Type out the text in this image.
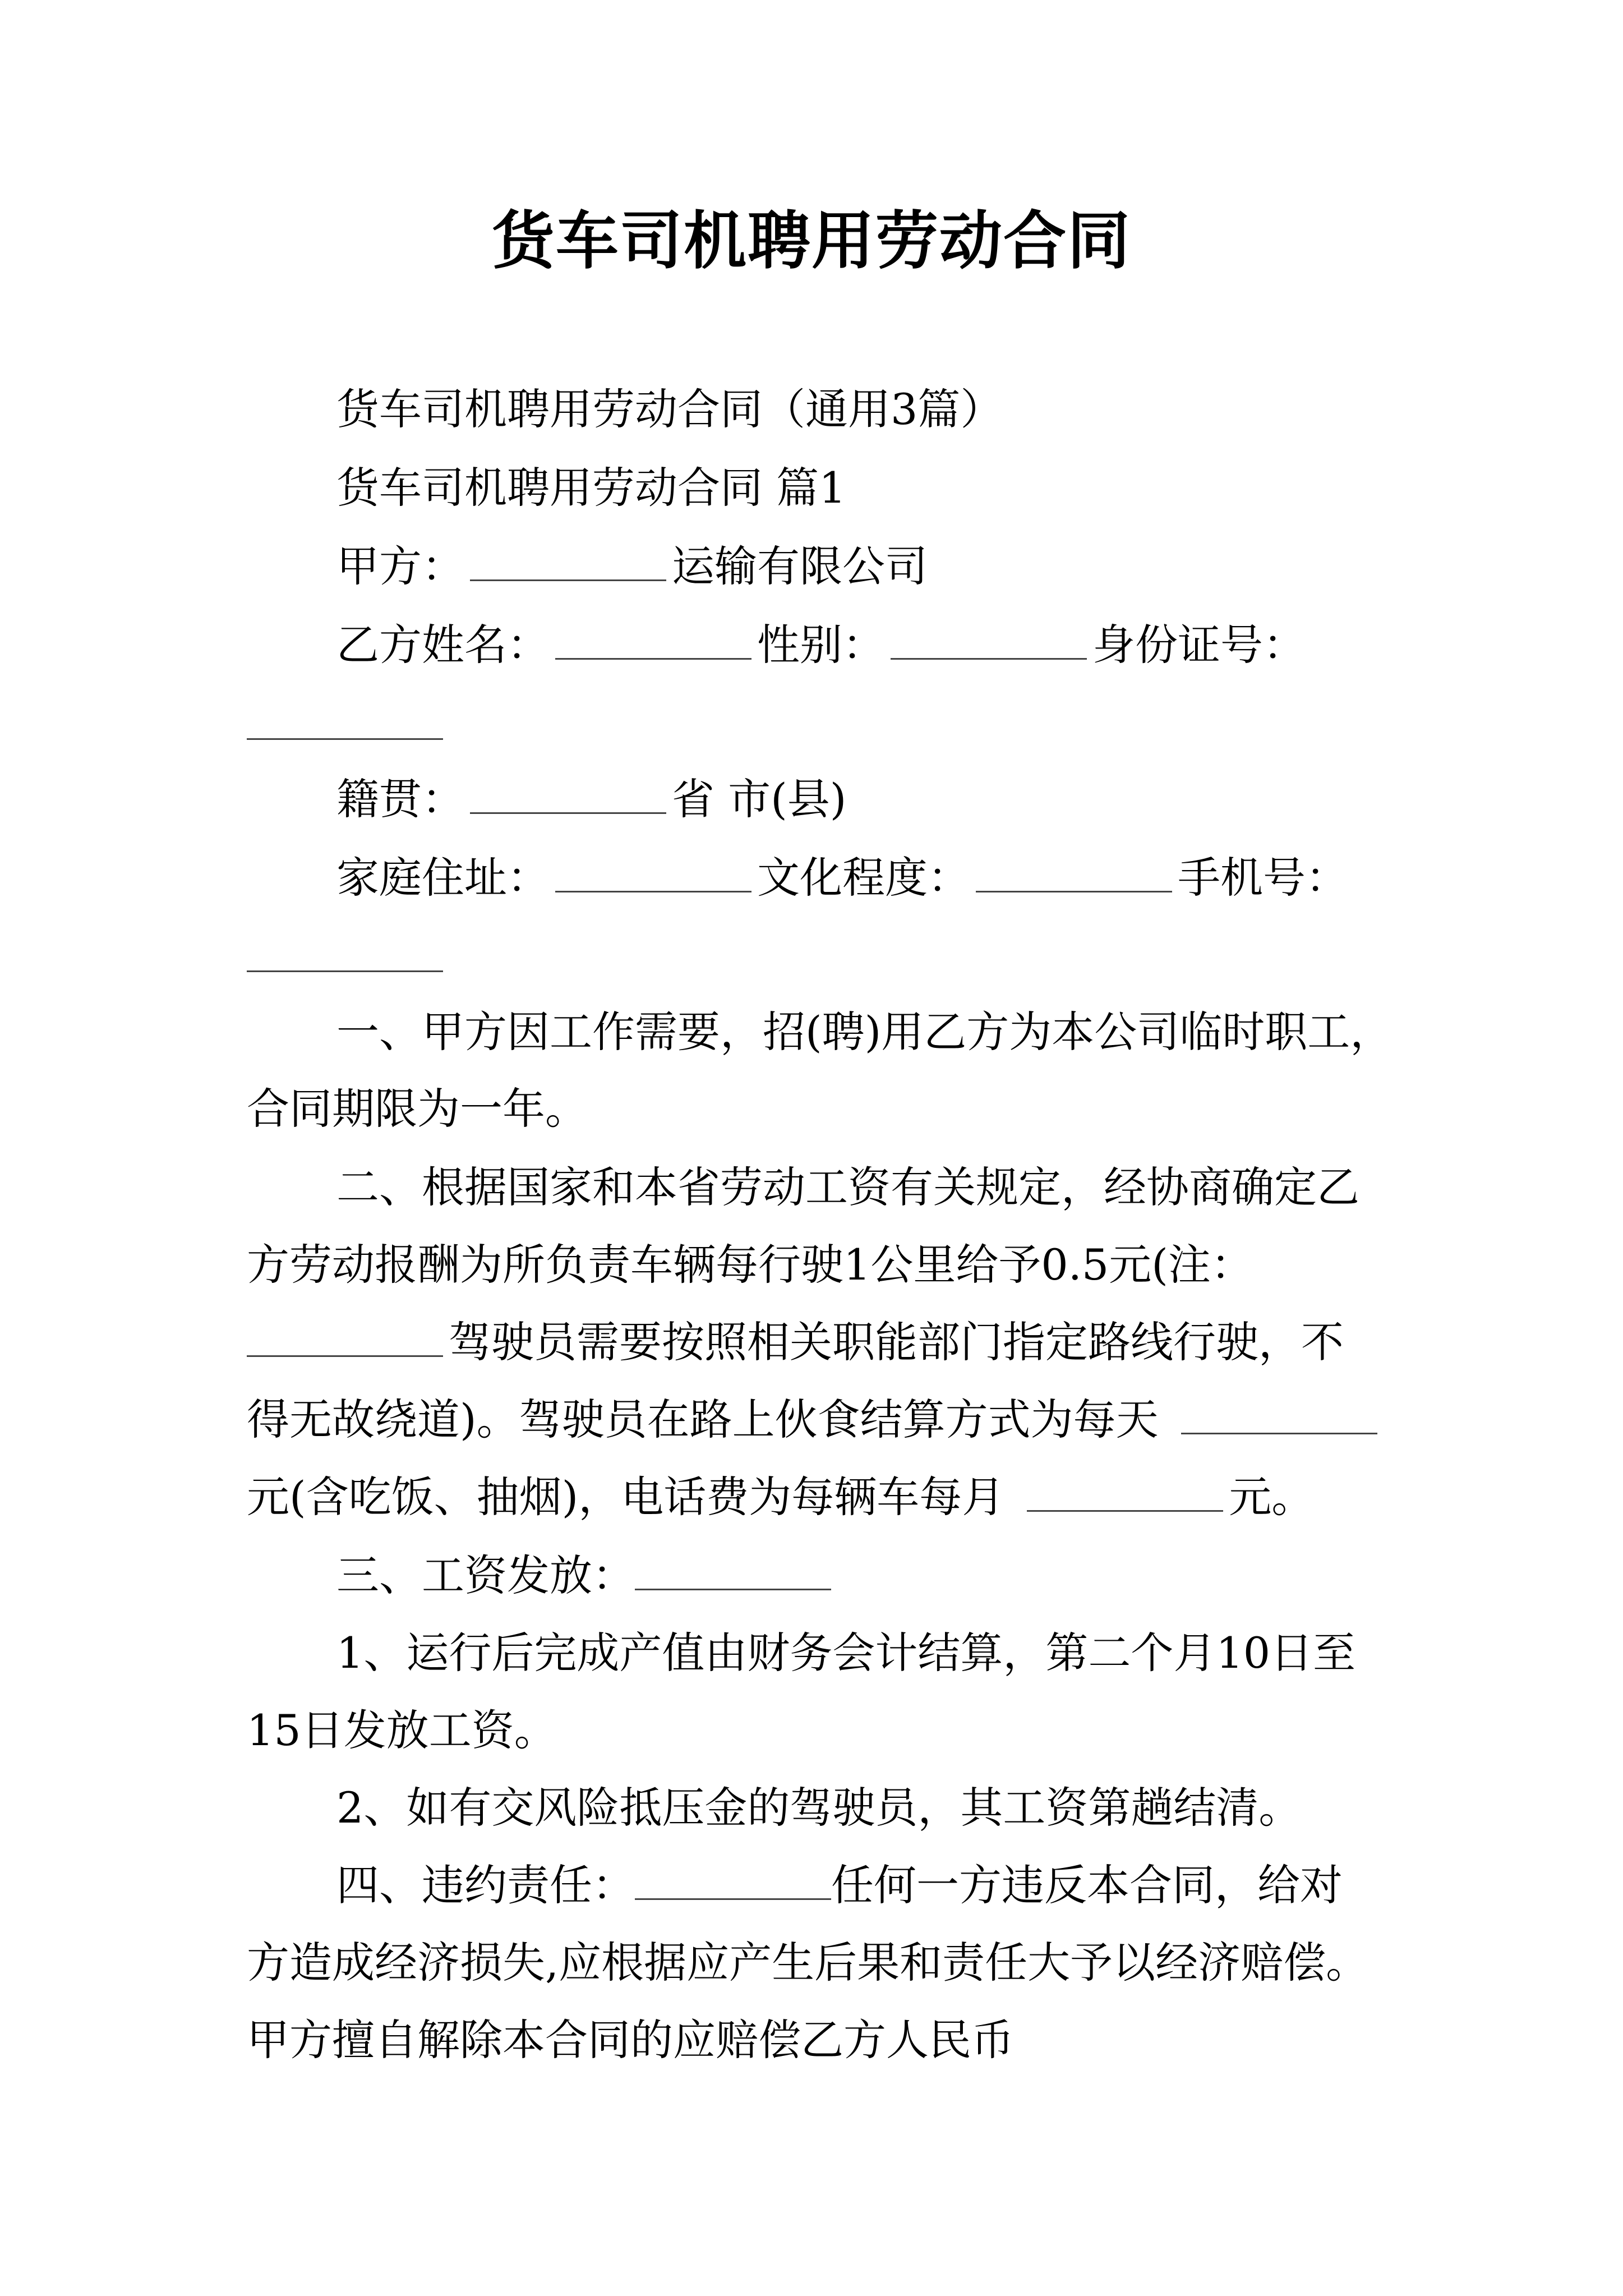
货车司机聘用劳动合同
货车司机聘用劳动合同（通用3篇）
货车司机聘用劳动合同 篇1
甲方：	运输有限公司
乙方姓名：	性别：	身份证号：
籍贯：	省 市(县)
家庭住址：	文化程度：	手机号：
一、甲方因工作需要，招(聘)用乙方为本公司临时职工，
合同期限为一年。
二、根据国家和本省劳动工资有关规定，经协商确定乙
方劳动报酬为所负责车辆每行驶1公里给予0.5元(注：
驾驶员需要按照相关职能部门指定路线行驶，不
得无故绕道)。驾驶员在路上伙食结算方式为每天
元(含吃饭、抽烟)，电话费为每辆车每月	元。
三、工资发放：
1、运行后完成产值由财务会计结算，第二个月10日至
15日发放工资。
2、如有交风险抵压金的驾驶员，其工资第趟结清。
四、违约责任：	任何一方违反本合同，给对
方造成经济损失,应根据应产生后果和责任大予以经济赔偿。
甲方擅自解除本合同的应赔偿乙方人民币
